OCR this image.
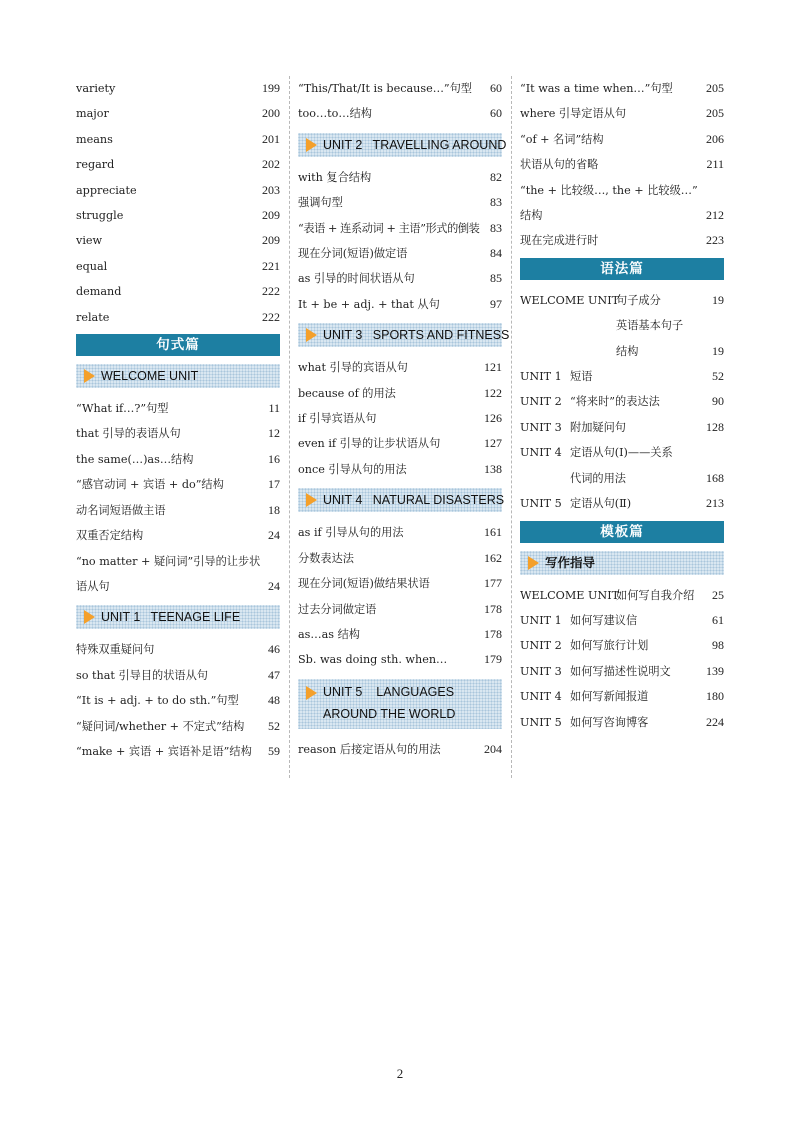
variety	199
major	200
means	201
regard	202
appreciate	203
struggle	209
view	209
equal	221
demand	222
relate	222
句式篇
WELCOME UNIT
“What if…?”句型	11
that 引导的表语从句	12
the same(…)as…结构	16
“感官动词 + 宾语 + do”结构	17
动名词短语做主语	18
双重否定结构	24
“no matter + 疑问词”引导的让步状
语从句	24
UNIT 1   TEENAGE LIFE
特殊双重疑问句	46
so that 引导目的状语从句	47
“It is + adj. + to do sth.”句型	48
“疑问词/whether + 不定式”结构	52
“make + 宾语 + 宾语补足语”结构	59
“This/That/It is because…”句型	60
too…to…结构	60
UNIT 2   TRAVELLING AROUND
with 复合结构	82
强调句型	83
“表语 + 连系动词 + 主语”形式的倒装 83
现在分词(短语)做定语	84
as 引导的时间状语从句	85
It + be + adj. + that 从句	97
UNIT 3   SPORTS AND FITNESS
what 引导的宾语从句	121
because of 的用法	122
if 引导宾语从句	126
even if 引导的让步状语从句	127
once 引导从句的用法	138
UNIT 4   NATURAL DISASTERS
as if 引导从句的用法	161
分数表达法	162
现在分词(短语)做结果状语	177
过去分词做定语	178
as…as 结构	178
Sb. was doing sth. when…	179
UNIT 5    LANGUAGES
AROUND THE WORLD
reason 后接定语从句的用法	204
“It was a time when…”句型	205
where 引导定语从句	205
“of + 名词”结构	206
状语从句的省略	211
“the + 比较级…, the + 比较级…”
结构	212
现在完成进行时	223
语法篇
WELCOME UNIT句子成分	19
英语基本句子
结构	19
UNIT 1 短语	52
UNIT 2 “将来时”的表达法	90
UNIT 3 附加疑问句	128
UNIT 4 定语从句(Ⅰ)——关系
代词的用法	168
UNIT 5 定语从句(Ⅱ)	213
模板篇
写作指导
WELCOME UNIT如何写自我介绍	25
UNIT 1 如何写建议信	61
UNIT 2 如何写旅行计划	98
UNIT 3 如何写描述性说明文	139
UNIT 4 如何写新闻报道	180
UNIT 5 如何写咨询博客	224
2
